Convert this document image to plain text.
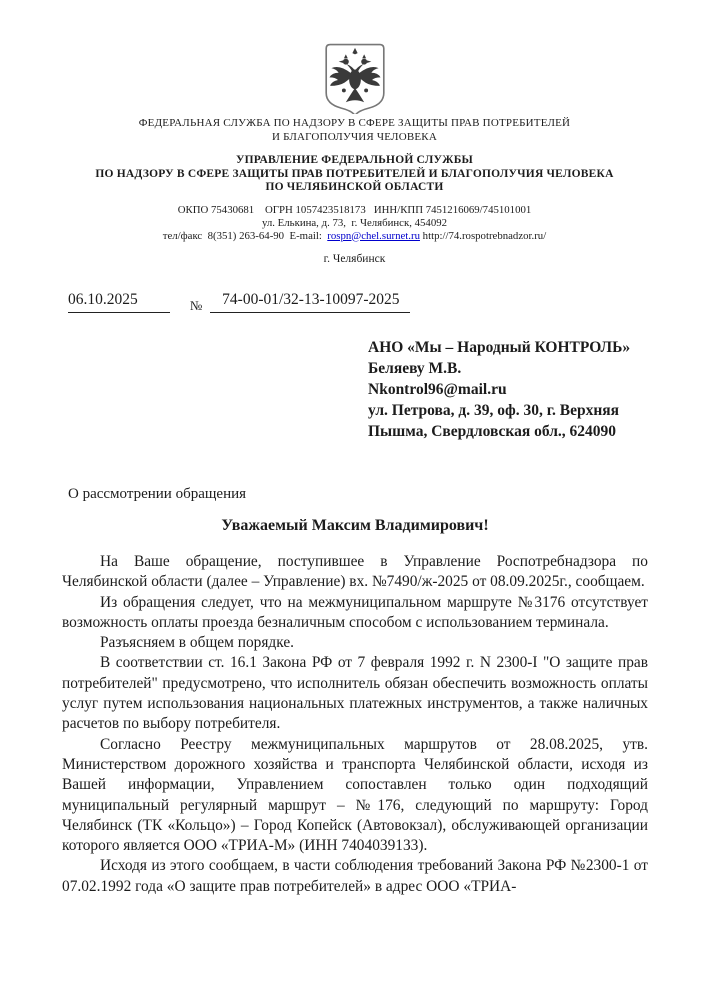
ФЕДЕРАЛЬНАЯ СЛУЖБА ПО НАДЗОРУ В СФЕРЕ ЗАЩИТЫ ПРАВ ПОТРЕБИТЕЛЕЙ
И БЛАГОПОЛУЧИЯ ЧЕЛОВЕКА
УПРАВЛЕНИЕ ФЕДЕРАЛЬНОЙ СЛУЖБЫ
ПО НАДЗОРУ В СФЕРЕ ЗАЩИТЫ ПРАВ ПОТРЕБИТЕЛЕЙ И БЛАГОПОЛУЧИЯ ЧЕЛОВЕКА
ПО ЧЕЛЯБИНСКОЙ ОБЛАСТИ
ОКПО 75430681    ОГРН 1057423518173   ИНН/КПП 7451216069/745101001
ул. Елькина, д. 73,  г. Челябинск, 454092
тел/факс  8(351) 263-64-90  E-mail:  rospn@chel.surnet.ru http://74.rospotrebnadzor.ru/
г. Челябинск
06.10.2025	№ 74-00-01/32-13-10097-2025
АНО «Мы – Народный КОНТРОЛЬ»
Беляеву М.В.
Nkontrol96@mail.ru
ул. Петрова, д. 39, оф. 30, г. Верхняя
Пышма, Свердловская обл., 624090
О рассмотрении обращения
Уважаемый Максим Владимирович!

На Ваше обращение, поступившее в Управление Роспотребнадзора по Челябинской области (далее – Управление) вх. №7490/ж-2025 от 08.09.2025г., сообщаем.

Из обращения следует, что на межмуниципальном маршруте №3176 отсутствует возможность оплаты проезда безналичным способом с использованием терминала.

Разъясняем в общем порядке.

В соответствии ст. 16.1 Закона РФ от 7 февраля 1992 г. N 2300-I "О защите прав потребителей" предусмотрено, что исполнитель обязан обеспечить возможность оплаты услуг путем использования национальных платежных инструментов, а также наличных расчетов по выбору потребителя.

Согласно Реестру межмуниципальных маршрутов от 28.08.2025, утв. Министерством дорожного хозяйства и транспорта Челябинской области, исходя из Вашей информации, Управлением сопоставлен только один подходящий муниципальный регулярный маршрут – №176, следующий по маршруту: Город Челябинск (ТК «Кольцо») – Город Копейск (Автовокзал), обслуживающей организации которого является ООО «ТРИА-М» (ИНН 7404039133).

Исходя из этого сообщаем, в части соблюдения требований Закона РФ №2300-1 от 07.02.1992 года «О защите прав потребителей» в адрес ООО «ТРИА-
